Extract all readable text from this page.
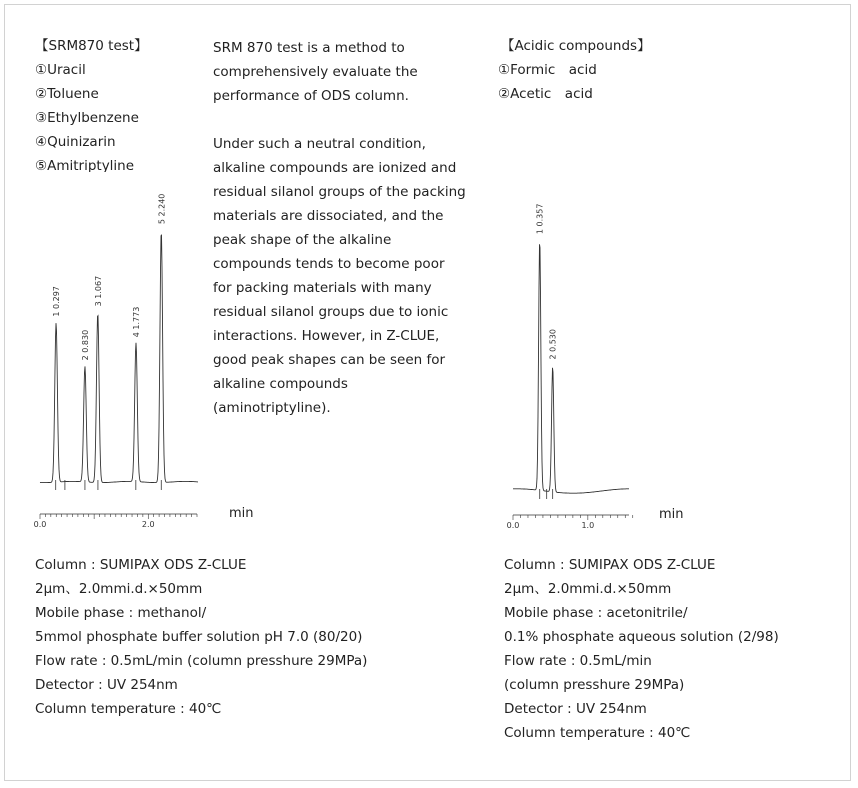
【SRM870 test】
①Uracil
②Toluene
③Ethylbenzene
④Quinizarin
⑤Amitriptyline
SRM 870 test is a method to
comprehensively evaluate the
performance of ODS column.
Under such a neutral condition,
alkaline compounds are ionized and
residual silanol groups of the packing
materials are dissociated, and the
peak shape of the alkaline
compounds tends to become poor
for packing materials with many
residual silanol groups due to ionic
interactions. However, in Z-CLUE,
good peak shapes can be seen for
alkaline compounds
(aminotriptyline).
【Acidic compounds】
①Formic　acid
②Acetic　acid
1 0.297
2 0.830
3 1.067
4 1.773
5 2.240
0.0	2.0
min
1 0.357
2 0.530
0.0	1.0
min
Column : SUMIPAX ODS Z-CLUE
2μm、2.0mmi.d.×50mm
Mobile phase : methanol/
5mmol phosphate buffer solution pH 7.0 (80/20)
Flow rate : 0.5mL/min (column presshure 29MPa)
Detector : UV 254nm
Column temperature : 40℃
Column : SUMIPAX ODS Z-CLUE
2μm、2.0mmi.d.×50mm
Mobile phase : acetonitrile/
0.1% phosphate aqueous solution (2/98)
Flow rate : 0.5mL/min
(column presshure 29MPa)
Detector : UV 254nm
Column temperature : 40℃
